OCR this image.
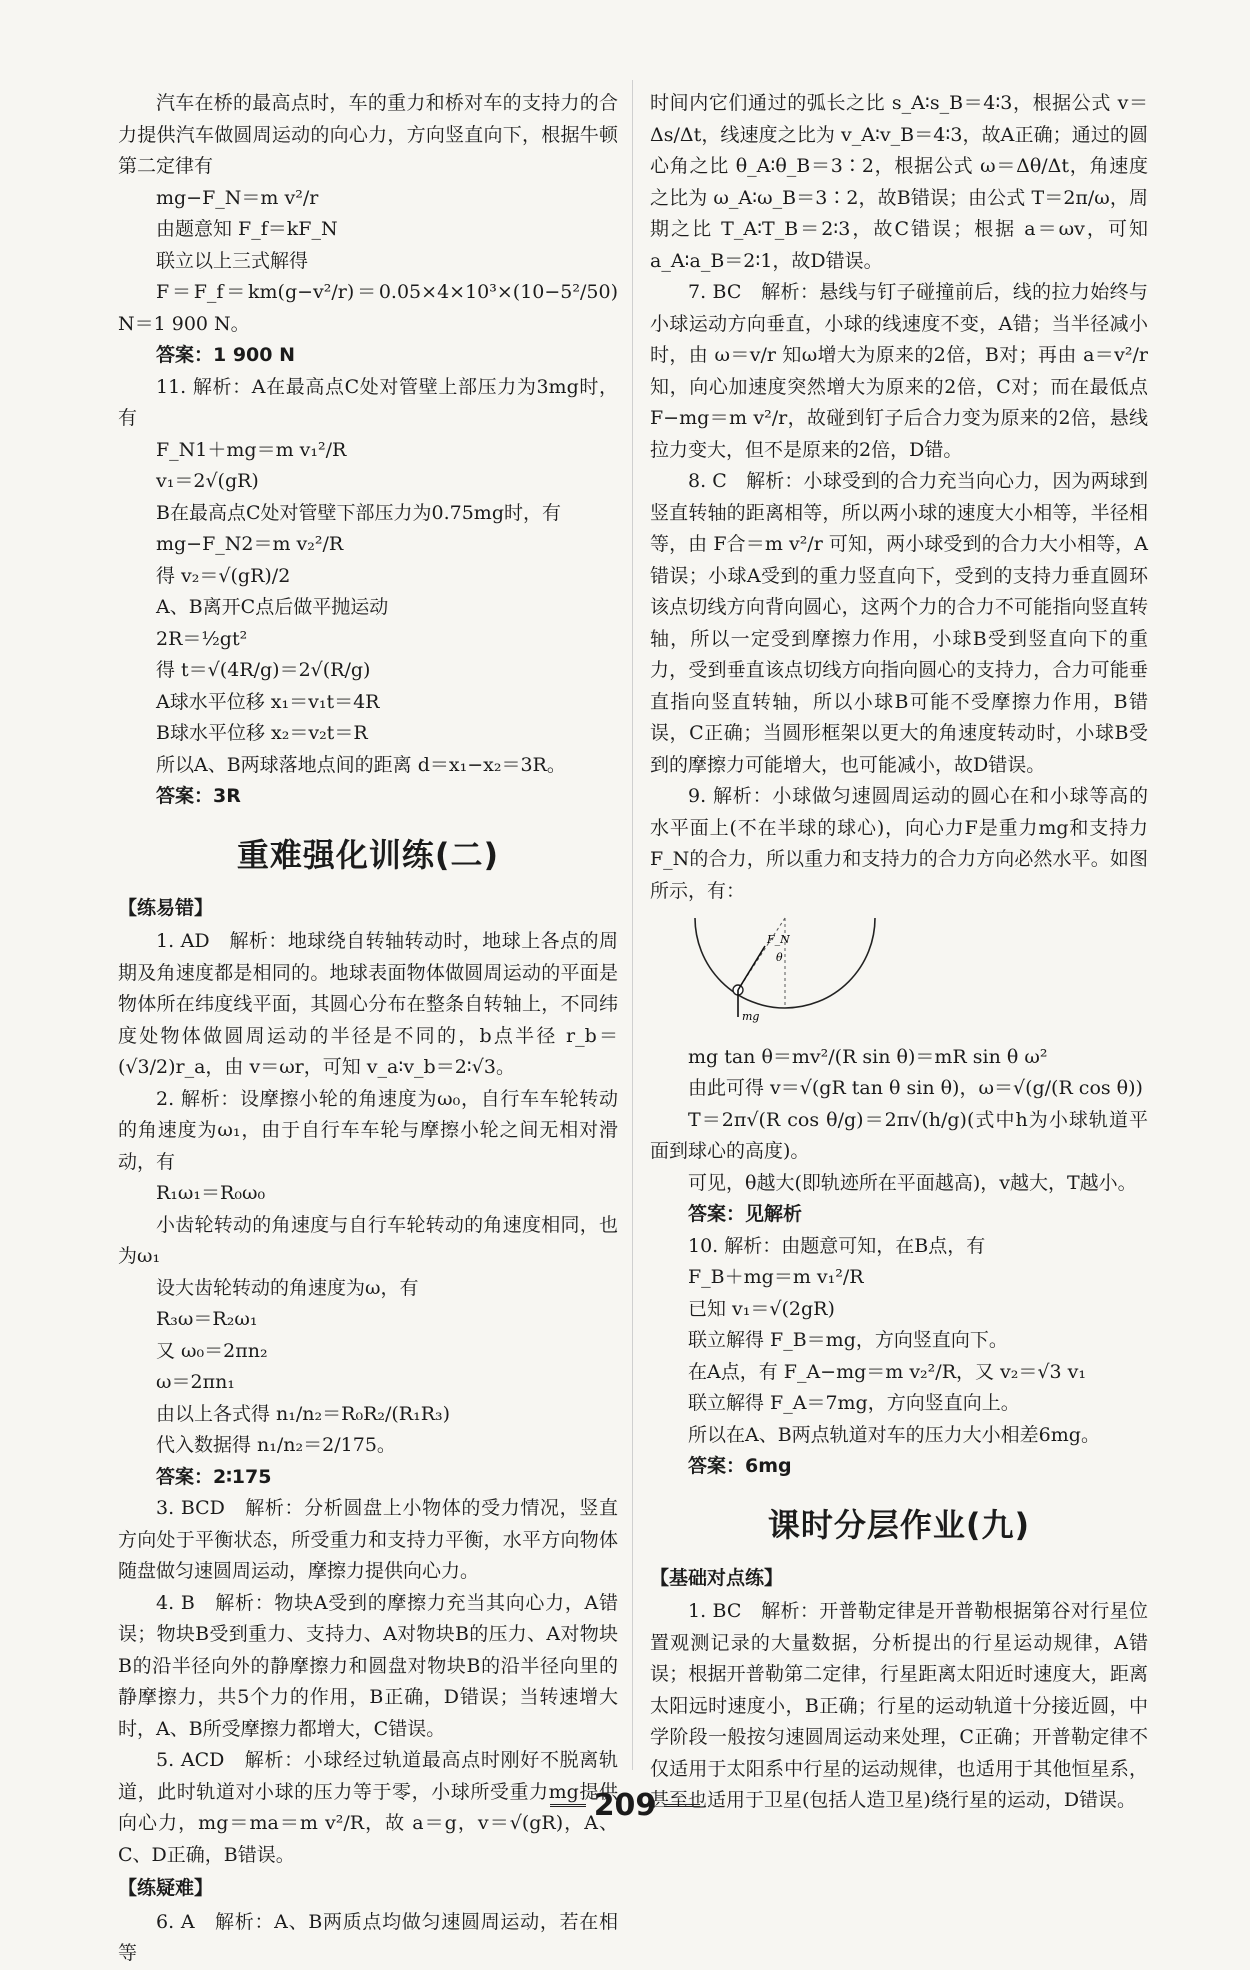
汽车在桥的最高点时，车的重力和桥对车的支持力的合力提供汽车做圆周运动的向心力，方向竖直向下，根据牛顿第二定律有

mg−F_N＝m v²/r

由题意知 F_f＝kF_N

联立以上三式解得

F＝F_f＝km(g−v²/r)＝0.05×4×10³×(10−5²/50) N＝1 900 N。

答案：1 900 N

11. 解析：A在最高点C处对管壁上部压力为3mg时，有

F_N1＋mg＝m v₁²/R

v₁＝2√(gR)

B在最高点C处对管壁下部压力为0.75mg时，有

mg−F_N2＝m v₂²/R

得 v₂＝√(gR)/2

A、B离开C点后做平抛运动

2R＝½gt²

得 t＝√(4R/g)＝2√(R/g)

A球水平位移 x₁＝v₁t＝4R

B球水平位移 x₂＝v₂t＝R

所以A、B两球落地点间的距离 d＝x₁−x₂＝3R。

答案：3R

重难强化训练(二)
【练易错】

1. AD　解析：地球绕自转轴转动时，地球上各点的周期及角速度都是相同的。地球表面物体做圆周运动的平面是物体所在纬度线平面，其圆心分布在整条自转轴上，不同纬度处物体做圆周运动的半径是不同的，b点半径 r_b＝(√3/2)r_a，由 v＝ωr，可知 v_a∶v_b＝2∶√3。

2. 解析：设摩擦小轮的角速度为ω₀，自行车车轮转动的角速度为ω₁，由于自行车车轮与摩擦小轮之间无相对滑动，有

R₁ω₁＝R₀ω₀

小齿轮转动的角速度与自行车轮转动的角速度相同，也为ω₁

设大齿轮转动的角速度为ω，有

R₃ω＝R₂ω₁

又 ω₀＝2πn₂

ω＝2πn₁

由以上各式得 n₁/n₂＝R₀R₂/(R₁R₃)

代入数据得 n₁/n₂＝2/175。

答案：2∶175

3. BCD　解析：分析圆盘上小物体的受力情况，竖直方向处于平衡状态，所受重力和支持力平衡，水平方向物体随盘做匀速圆周运动，摩擦力提供向心力。

4. B　解析：物块A受到的摩擦力充当其向心力，A错误；物块B受到重力、支持力、A对物块B的压力、A对物块B的沿半径向外的静摩擦力和圆盘对物块B的沿半径向里的静摩擦力，共5个力的作用，B正确，D错误；当转速增大时，A、B所受摩擦力都增大，C错误。

5. ACD　解析：小球经过轨道最高点时刚好不脱离轨道，此时轨道对小球的压力等于零，小球所受重力mg提供向心力，mg＝ma＝m v²/R，故 a＝g，v＝√(gR)，A、C、D正确，B错误。

【练疑难】

6. A　解析：A、B两质点均做匀速圆周运动，若在相等

时间内它们通过的弧长之比 s_A∶s_B＝4∶3，根据公式 v＝Δs/Δt，线速度之比为 v_A∶v_B＝4∶3，故A正确；通过的圆心角之比 θ_A∶θ_B＝3∶2，根据公式 ω＝Δθ/Δt，角速度之比为 ω_A∶ω_B＝3∶2，故B错误；由公式 T＝2π/ω，周期之比 T_A∶T_B＝2∶3，故C错误；根据 a＝ωv，可知 a_A∶a_B＝2∶1，故D错误。

7. BC　解析：悬线与钉子碰撞前后，线的拉力始终与小球运动方向垂直，小球的线速度不变，A错；当半径减小时，由 ω＝v/r 知ω增大为原来的2倍，B对；再由 a＝v²/r 知，向心加速度突然增大为原来的2倍，C对；而在最低点 F−mg＝m v²/r，故碰到钉子后合力变为原来的2倍，悬线拉力变大，但不是原来的2倍，D错。

8. C　解析：小球受到的合力充当向心力，因为两球到竖直转轴的距离相等，所以两小球的速度大小相等，半径相等，由 F合＝m v²/r 可知，两小球受到的合力大小相等，A错误；小球A受到的重力竖直向下，受到的支持力垂直圆环该点切线方向背向圆心，这两个力的合力不可能指向竖直转轴，所以一定受到摩擦力作用，小球B受到竖直向下的重力，受到垂直该点切线方向指向圆心的支持力，合力可能垂直指向竖直转轴，所以小球B可能不受摩擦力作用，B错误，C正确；当圆形框架以更大的角速度转动时，小球B受到的摩擦力可能增大，也可能减小，故D错误。

9. 解析：小球做匀速圆周运动的圆心在和小球等高的水平面上(不在半球的球心)，向心力F是重力mg和支持力F_N的合力，所以重力和支持力的合力方向必然水平。如图所示，有：

F_N
θ
mg

mg tan θ＝mv²/(R sin θ)＝mR sin θ ω²

由此可得 v＝√(gR tan θ sin θ)，ω＝√(g/(R cos θ))

T＝2π√(R cos θ/g)＝2π√(h/g)(式中h为小球轨道平面到球心的高度)。

可见，θ越大(即轨迹所在平面越高)，v越大，T越小。

答案：见解析

10. 解析：由题意可知，在B点，有

F_B＋mg＝m v₁²/R

已知 v₁＝√(2gR)

联立解得 F_B＝mg，方向竖直向下。

在A点，有 F_A−mg＝m v₂²/R，又 v₂＝√3 v₁

联立解得 F_A＝7mg，方向竖直向上。

所以在A、B两点轨道对车的压力大小相差6mg。

答案：6mg

课时分层作业(九)
【基础对点练】

1. BC　解析：开普勒定律是开普勒根据第谷对行星位置观测记录的大量数据，分析提出的行星运动规律，A错误；根据开普勒第二定律，行星距离太阳近时速度大，距离太阳远时速度小，B正确；行星的运动轨道十分接近圆，中学阶段一般按匀速圆周运动来处理，C正确；开普勒定律不仅适用于太阳系中行星的运动规律，也适用于其他恒星系，甚至也适用于卫星(包括人造卫星)绕行星的运动，D错误。

209
